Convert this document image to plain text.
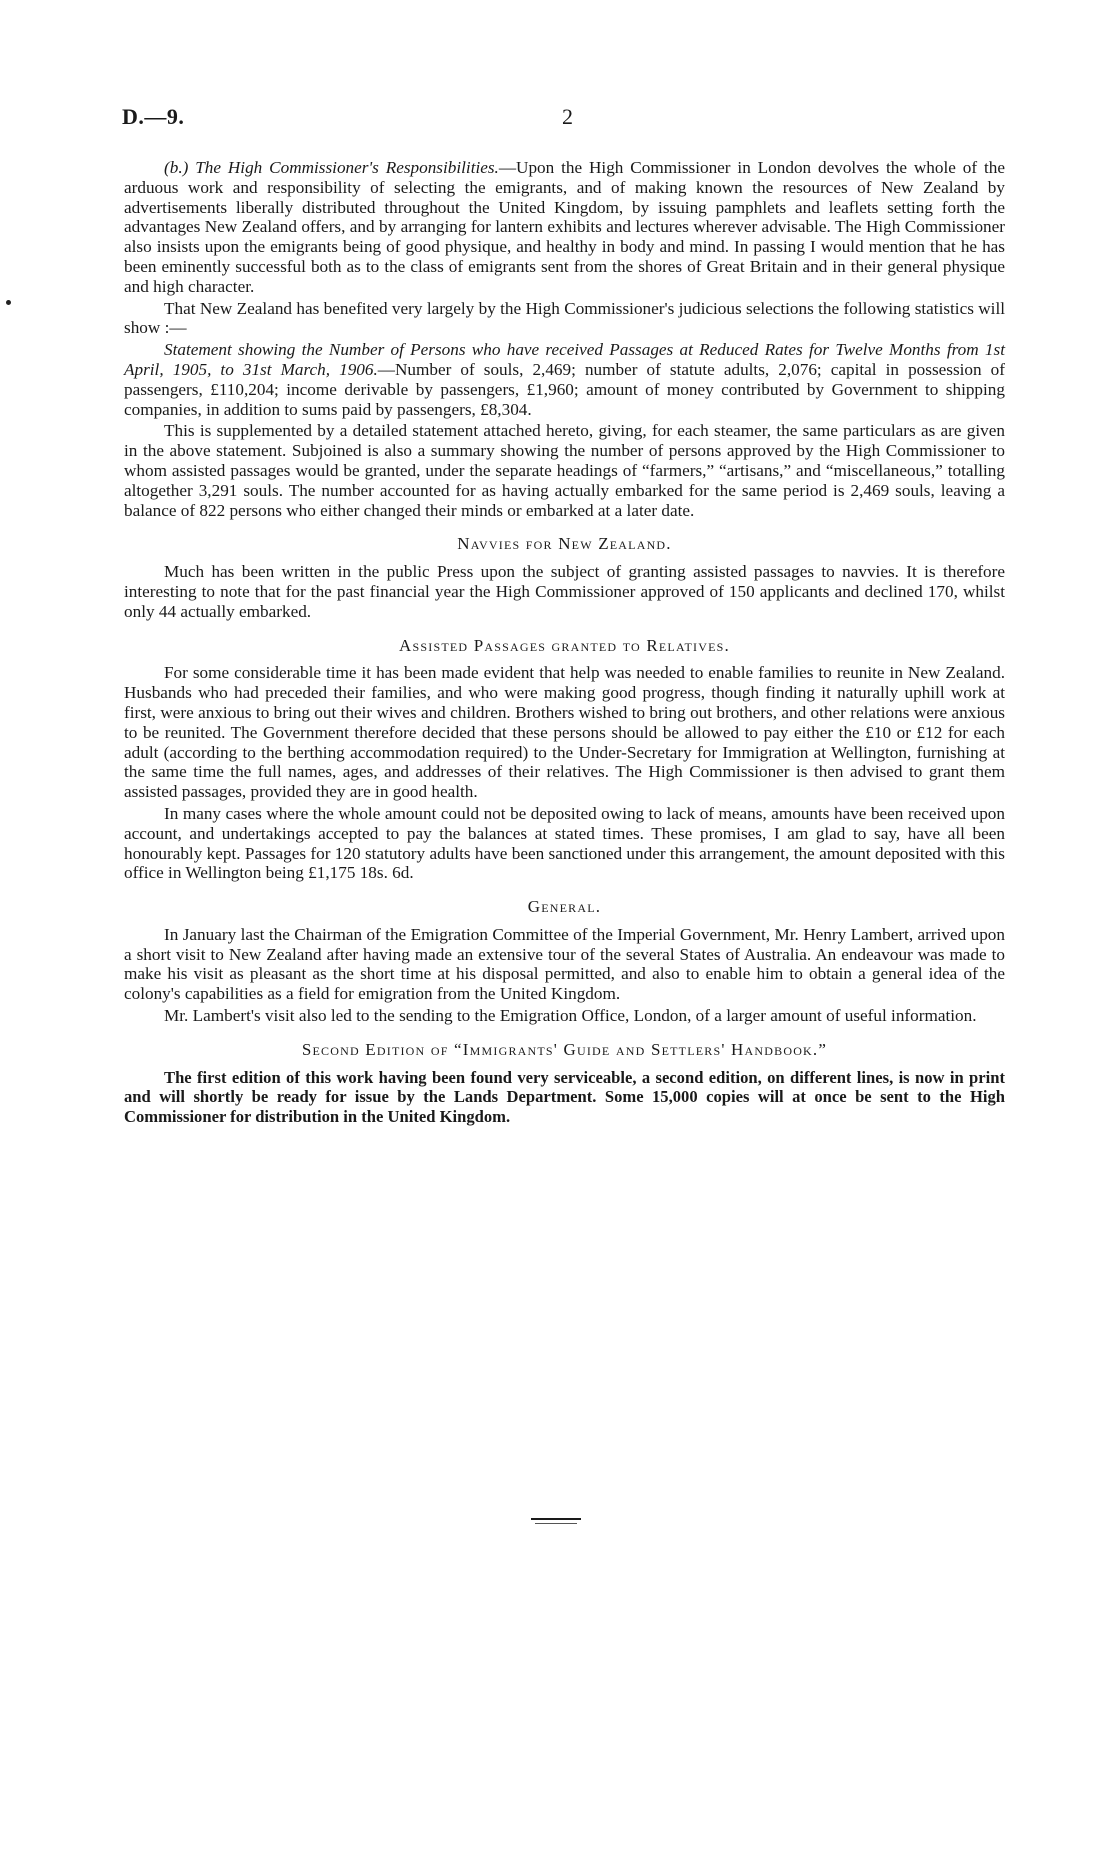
D.—9.	2

(b.) The High Commissioner's Responsibilities.—Upon the High Commissioner in London devolves the whole of the arduous work and responsibility of selecting the emigrants, and of making known the resources of New Zealand by advertisements liberally distributed throughout the United Kingdom, by issuing pamphlets and leaflets setting forth the advantages New Zealand offers, and by arranging for lantern exhibits and lectures wherever advisable. The High Commissioner also insists upon the emigrants being of good physique, and healthy in body and mind. In passing I would mention that he has been eminently successful both as to the class of emigrants sent from the shores of Great Britain and in their general physique and high character.

That New Zealand has benefited very largely by the High Commissioner's judicious selections the following statistics will show :—

Statement showing the Number of Persons who have received Passages at Reduced Rates for Twelve Months from 1st April, 1905, to 31st March, 1906.—Number of souls, 2,469; number of statute adults, 2,076; capital in possession of passengers, £110,204; income derivable by passengers, £1,960; amount of money contributed by Government to shipping companies, in addition to sums paid by passengers, £8,304.

This is supplemented by a detailed statement attached hereto, giving, for each steamer, the same particulars as are given in the above statement. Subjoined is also a summary showing the number of persons approved by the High Commissioner to whom assisted passages would be granted, under the separate headings of “farmers,” “artisans,” and “miscellaneous,” totalling altogether 3,291 souls. The number accounted for as having actually embarked for the same period is 2,469 souls, leaving a balance of 822 persons who either changed their minds or embarked at a later date.

Navvies for New Zealand.

Much has been written in the public Press upon the subject of granting assisted passages to navvies. It is therefore interesting to note that for the past financial year the High Commissioner approved of 150 applicants and declined 170, whilst only 44 actually embarked.

Assisted Passages granted to Relatives.

For some considerable time it has been made evident that help was needed to enable families to reunite in New Zealand. Husbands who had preceded their families, and who were making good progress, though finding it naturally uphill work at first, were anxious to bring out their wives and children. Brothers wished to bring out brothers, and other relations were anxious to be reunited. The Government therefore decided that these persons should be allowed to pay either the £10 or £12 for each adult (according to the berthing accommodation required) to the Under-Secretary for Immigration at Wellington, furnishing at the same time the full names, ages, and addresses of their relatives. The High Commissioner is then advised to grant them assisted passages, provided they are in good health.

In many cases where the whole amount could not be deposited owing to lack of means, amounts have been received upon account, and undertakings accepted to pay the balances at stated times. These promises, I am glad to say, have all been honourably kept. Passages for 120 statutory adults have been sanctioned under this arrangement, the amount deposited with this office in Wellington being £1,175 18s. 6d.

General.

In January last the Chairman of the Emigration Committee of the Imperial Government, Mr. Henry Lambert, arrived upon a short visit to New Zealand after having made an extensive tour of the several States of Australia. An endeavour was made to make his visit as pleasant as the short time at his disposal permitted, and also to enable him to obtain a general idea of the colony's capabilities as a field for emigration from the United Kingdom.

Mr. Lambert's visit also led to the sending to the Emigration Office, London, of a larger amount of useful information.

Second Edition of “Immigrants' Guide and Settlers' Handbook.”

The first edition of this work having been found very serviceable, a second edition, on different lines, is now in print and will shortly be ready for issue by the Lands Department. Some 15,000 copies will at once be sent to the High Commissioner for distribution in the United Kingdom.
